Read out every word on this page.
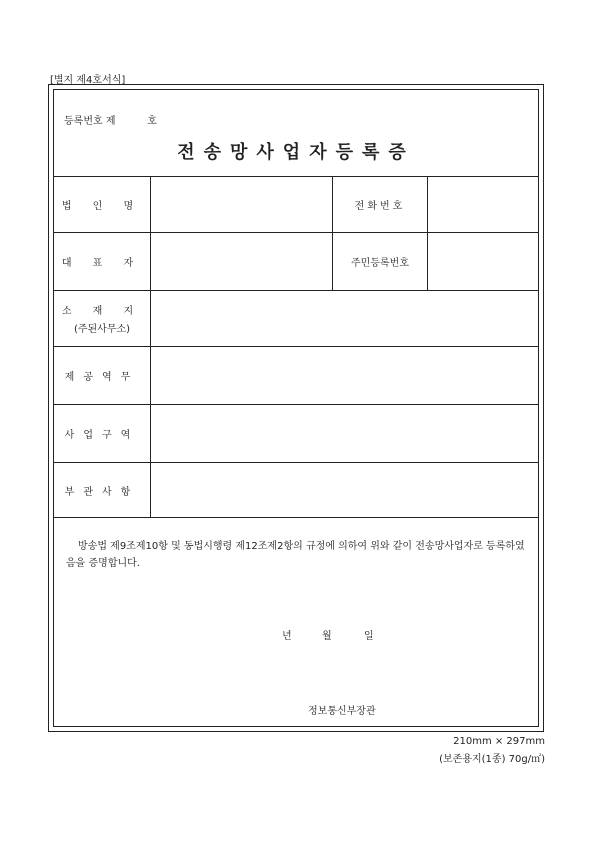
[별지 제4호서식]
등록번호 제	호
전송망사업자등록증
법 인 명	전화번호
대 표 자	주민등록번호
소 재 지
(주된사무소)
제공역무
사업구역
부관사항
방송법 제9조제10항 및 동법시행령 제12조제2항의 규정에 의하여 위와 같이 전송망사업자로 등록하였음을 증명합니다.
년	월	일
정보통신부장관
210mm × 297mm
(보존용지(1종) 70g/㎡)
